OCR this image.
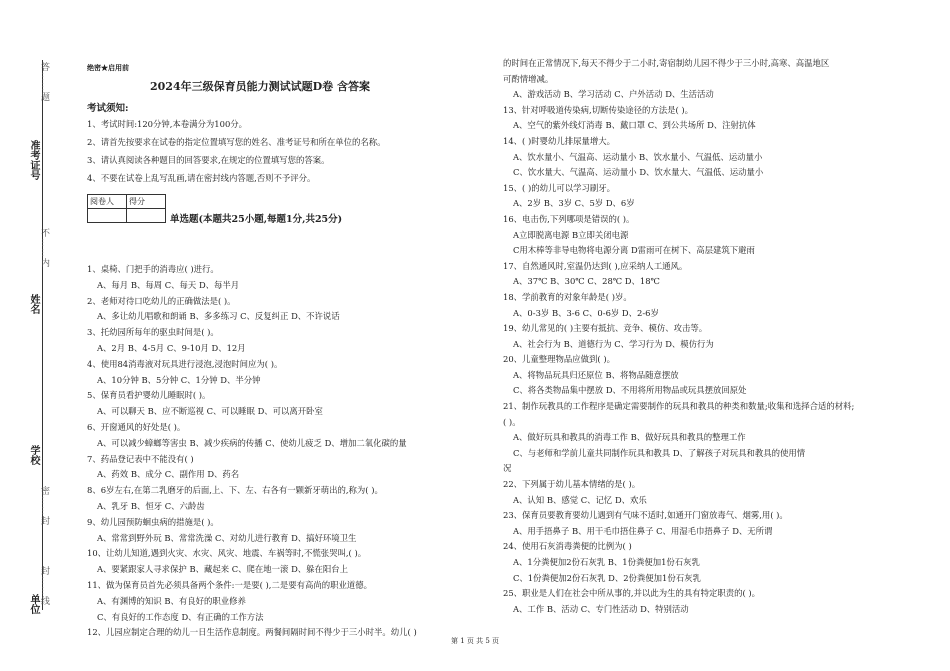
答……题
准考证号
不……内
姓名
学校
密……封
封……线
单位
绝密★启用前
2024年三级保育员能力测试试题D卷 含答案
考试须知:
1、考试时间:120分钟,本卷满分为100分。
2、请首先按要求在试卷的指定位置填写您的姓名、准考证号和所在单位的名称。
3、请认真阅读各种题目的回答要求,在规定的位置填写您的答案。
4、不要在试卷上乱写乱画,请在密封线内答题,否则不予评分。
阅卷人	得分

单选题(本题共25小题,每题1分,共25分)
1、桌椅、门把手的消毒应( )进行。
A、每月 B、每周 C、每天 D、每半月
2、老师对待口吃幼儿的正确做法是( )。
A、多让幼儿唱歌和朗诵 B、多多练习 C、反复纠正 D、不许说话
3、托幼园所每年的驱虫时间是( )。
A、2月 B、4-5月 C、9-10月 D、12月
4、使用84消毒液对玩具进行浸泡,浸泡时间应为( )。
A、10分钟 B、5分钟 C、1分钟 D、半分钟
5、保育员看护婴幼儿睡眠时( )。
A、可以聊天 B、应不断巡视 C、可以睡眠 D、可以离开卧室
6、开窗通风的好处是( )。
A、可以减少蟑螂等害虫 B、减少疾病的传播 C、使幼儿疲乏 D、增加二氧化碳的量
7、药品登记表中不能没有( )
A、药效 B、成分 C、副作用 D、药名
8、6岁左右,在第二乳磨牙的后面,上、下、左、右各有一颗新牙萌出的,称为( )。
A、乳牙 B、恒牙 C、六龄齿
9、幼儿园预防蛔虫病的措施是( )。
A、常常到野外玩 B、常常洗澡 C、对幼儿进行教育 D、搞好环境卫生
10、让幼儿知道,遇到火灾、水灾、风灾、地震、车祸等时,不慌张哭叫,( )。
A、要紧跟家人寻求保护 B、藏起来 C、爬在地一滚 D、躲在阳台上
11、做为保育员首先必须具备两个条件:一是要( ),二是要有高尚的职业道德。
A、有渊博的知识 B、有良好的职业修养
C、有良好的工作态度 D、有正确的工作方法
12、儿园应制定合理的幼儿一日生活作息制度。两餐间隔时间不得少于三小时半。幼儿( )
的时间在正常情况下,每天不得少于二小时,寄宿制幼儿园不得少于三小时,高寒、高温地区
可酌情增减。
A、游戏活动 B、学习活动 C、户外活动 D、生活活动
13、针对呼吸道传染病,切断传染途径的方法是( )。
A、空气的紫外线灯消毒 B、戴口罩 C、到公共场所 D、注射抗体
14、( )时婴幼儿排尿量增大。
A、饮水量小、气温高、运动量小 B、饮水量小、气温低、运动量小
C、饮水量大、气温高、运动量小 D、饮水量大、气温低、运动量小
15、( )的幼儿可以学习刷牙。
A、2岁 B、3岁 C、5岁 D、6岁
16、电击伤,下列哪项是错误的( )。
A立即脱离电源 B立即关闭电源
C用木棒等非导电物将电源分离 D雷雨可在树下、高层建筑下避雨
17、自然通风时,室温仍达到( ),应采纳人工通风。
A、37℃ B、30℃ C、28℃ D、18℃
18、学前教育的对象年龄是( )岁。
A、0-3岁 B、3-6 C、0-6岁 D、2-6岁
19、幼儿常见的( )主要有抵抗、竞争、模仿、攻击等。
A、社会行为 B、道德行为 C、学习行为 D、模仿行为
20、儿童整理物品应做到( )。
A、将物品玩具归还原位 B、将物品随意摆放
C、将各类物品集中摆放 D、不用将所用物品或玩具摆放回原处
21、制作玩教具的工作程序是确定需要制作的玩具和教具的种类和数量;收集和选择合适的材料;
( )。
A、做好玩具和教具的消毒工作 B、做好玩具和教具的整理工作
C、与老师和学前儿童共同制作玩具和教具 D、了解孩子对玩具和教具的使用情
况
22、下列属于幼儿基本情绪的是( )。
A、认知 B、感觉 C、记忆 D、欢乐
23、保育员要教育要幼儿遇到有气味不适时,如通开门窗放毒气、烟雾,用( )。
A、用手捂鼻子 B、用干毛巾捂住鼻子 C、用湿毛巾捂鼻子 D、无所谓
24、使用石灰消毒粪便的比例为( )
A、1分粪便加2份石灰乳 B、1份粪便加1份石灰乳
C、1份粪便加2份石灰乳 D、2份粪便加1份石灰乳
25、职业是人们在社会中所从事的,并以此为生的具有特定职责的( )。
A、工作 B、活动 C、专门性活动 D、特别活动
第 1 页 共 5 页
